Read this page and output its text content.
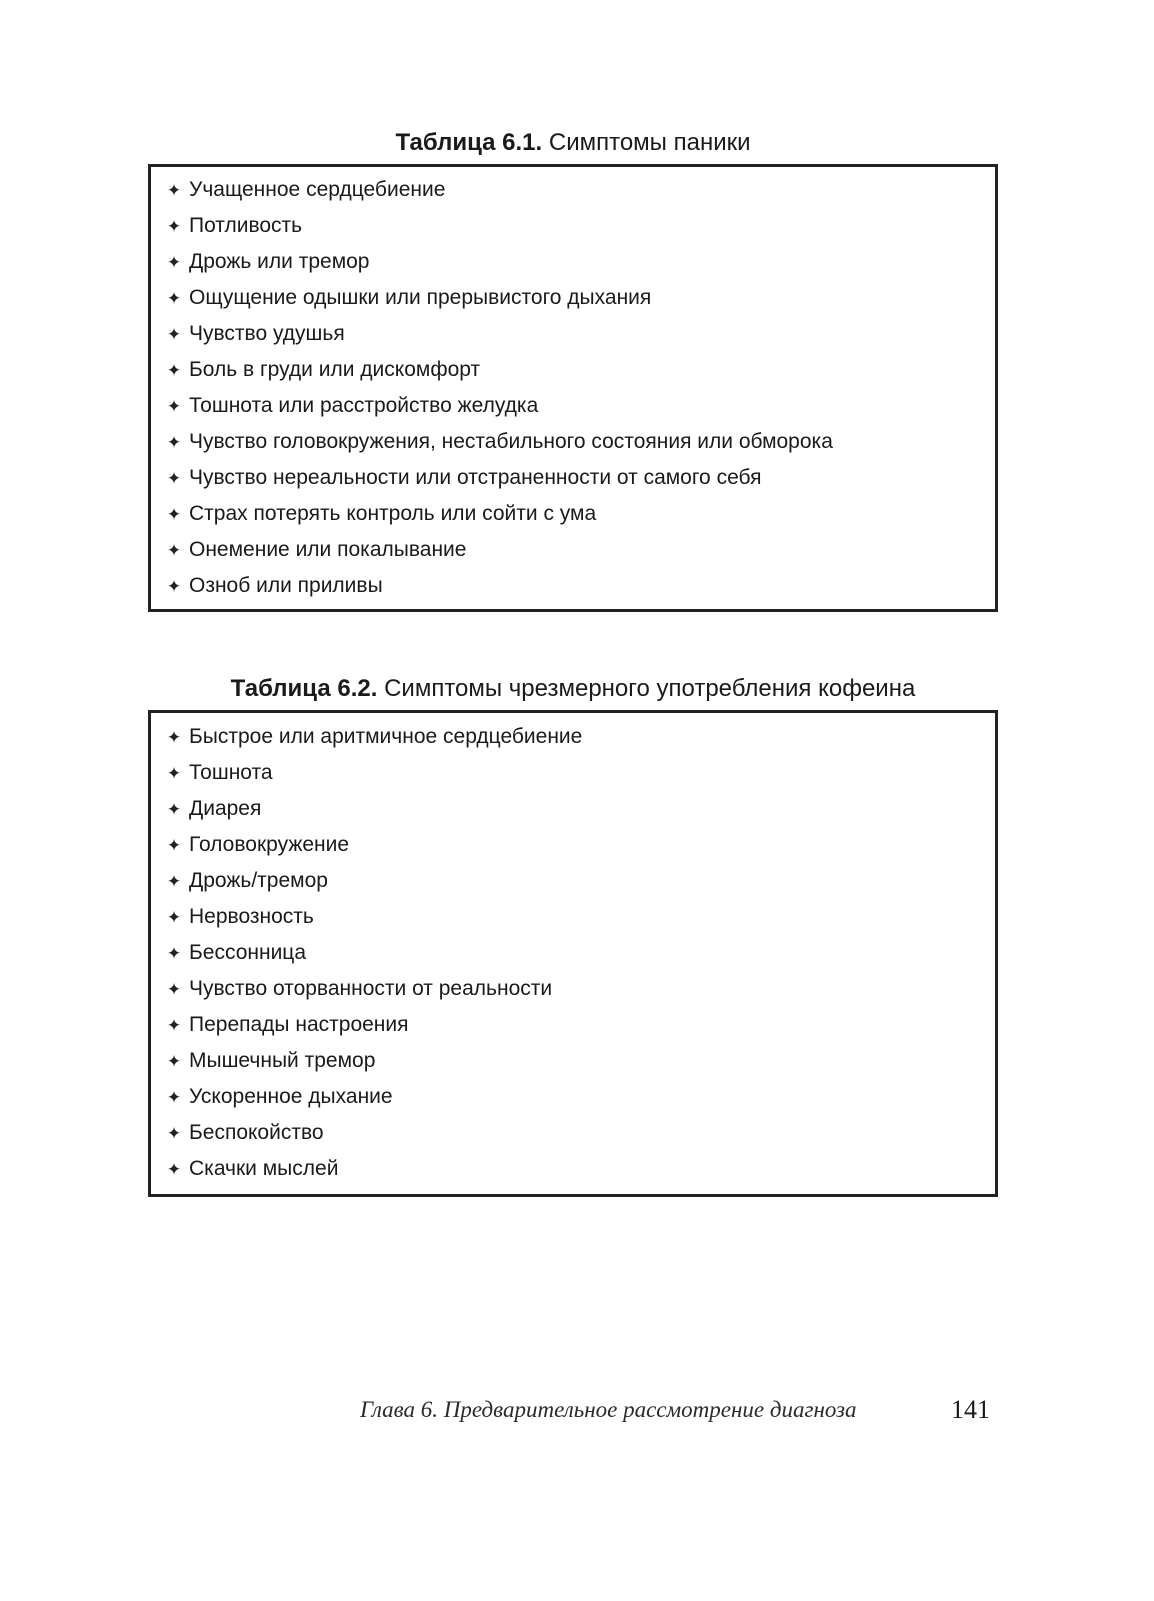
Таблица 6.1. Симптомы паники

✦ Учащенное сердцебиение
✦ Потливость
✦ Дрожь или тремор
✦ Ощущение одышки или прерывистого дыхания
✦ Чувство удушья
✦ Боль в груди или дискомфорт
✦ Тошнота или расстройство желудка
✦ Чувство головокружения, нестабильного состояния или обморока
✦ Чувство нереальности или отстраненности от самого себя
✦ Страх потерять контроль или сойти с ума
✦ Онемение или покалывание
✦ Озноб или приливы

Таблица 6.2. Симптомы чрезмерного употребления кофеина

✦ Быстрое или аритмичное сердцебиение
✦ Тошнота
✦ Диарея
✦ Головокружение
✦ Дрожь/тремор
✦ Нервозность
✦ Бессонница
✦ Чувство оторванности от реальности
✦ Перепады настроения
✦ Мышечный тремор
✦ Ускоренное дыхание
✦ Беспокойство
✦ Скачки мыслей
Глава 6. Предварительное рассмотрение диагноза	141
